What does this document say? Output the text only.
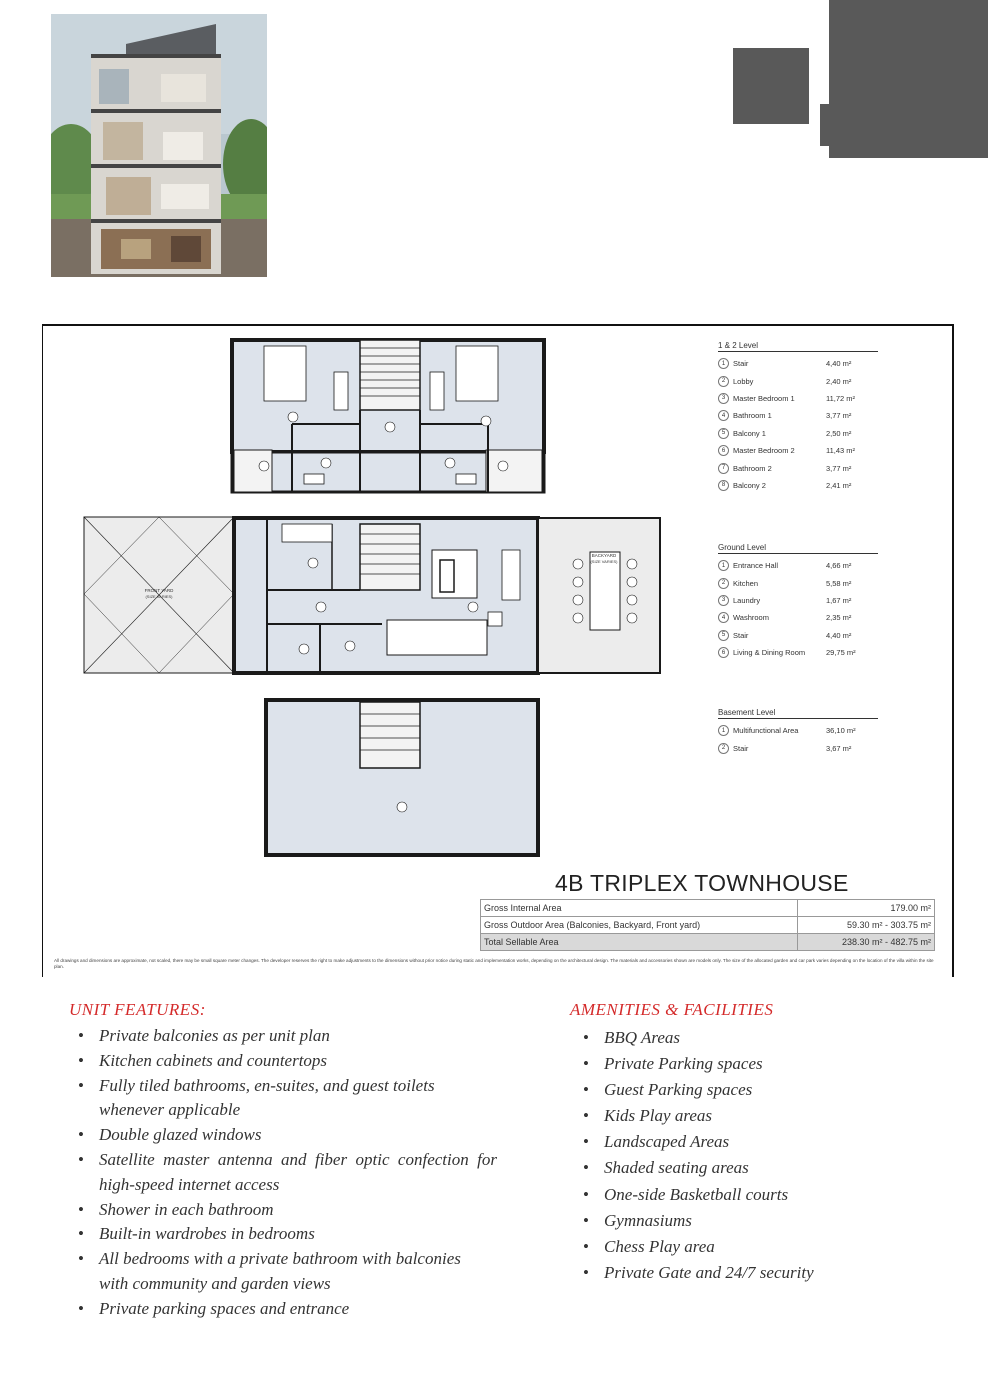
FRONT YARD
(SIZE VARIES)
BACKYARD
(SIZE VARIES)
1 & 2 Level
1	Stair	4,40 m²
2	Lobby	2,40 m²
3	Master Bedroom 1	11,72 m²
4	Bathroom 1	3,77 m²
5	Balcony 1	2,50 m²
6	Master Bedroom 2	11,43 m²
7	Bathroom 2	3,77 m²
8	Balcony 2	2,41 m²
Ground Level
1	Entrance Hall	4,66 m²
2	Kitchen	5,58 m²
3	Laundry	1,67 m²
4	Washroom	2,35 m²
5	Stair	4,40 m²
6	Living & Dining Room	29,75 m²
Basement Level
1	Multifunctional Area	36,10 m²
2	Stair	3,67 m²
4B TRIPLEX TOWNHOUSE
Gross Internal Area	179.00 m²
Gross Outdoor Area (Balconies, Backyard, Front yard)	59.30 m² - 303.75 m²
Total Sellable Area	238.30 m² - 482.75 m²
All drawings and dimensions are approximate, not scaled, there may be small square meter changes. The developer reserves the right to make adjustments to the dimensions without prior notice during static and implementation works, depending on the architectural design. The materials and accessories shown are models only. The size of the allocated garden and car park varies depending on the location of the villa within the site plan.
UNIT FEATURES:
• Private balconies as per unit plan
• Kitchen cabinets and countertops
• Fully tiled bathrooms, en-suites, and guest toilets whenever applicable
• Double glazed windows
• Satellite master antenna and fiber optic confection for high-speed internet access
• Shower in each bathroom
• Built-in wardrobes in bedrooms
• All bedrooms with a private bathroom with balconies with community and garden views
• Private parking spaces and entrance
AMENITIES & FACILITIES
• BBQ Areas
• Private Parking spaces
• Guest Parking spaces
• Kids Play areas
• Landscaped Areas
• Shaded seating areas
• One-side Basketball courts
• Gymnasiums
• Chess Play area
• Private Gate and 24/7 security
